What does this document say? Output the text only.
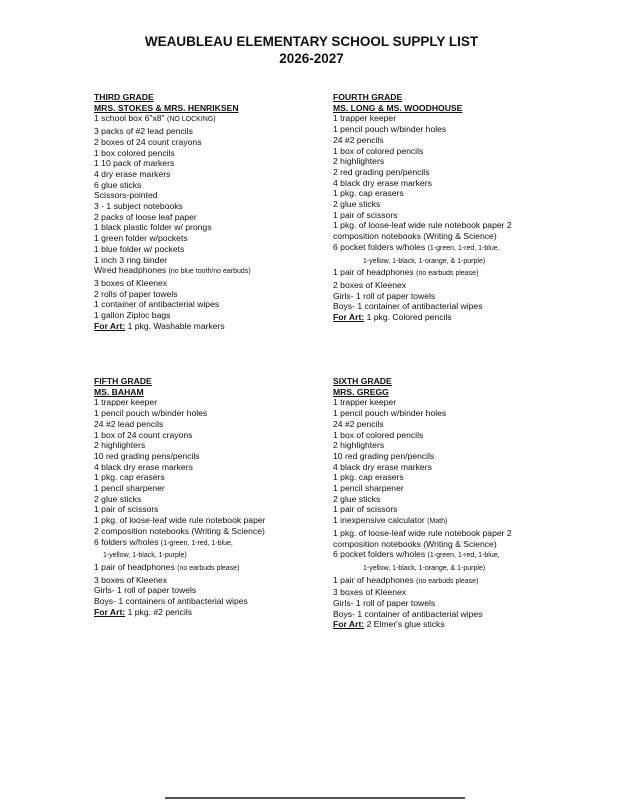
WEAUBLEAU ELEMENTARY SCHOOL SUPPLY LIST
2026-2027
THIRD GRADE
MRS. STOKES & MRS. HENRIKSEN
1 school box 6"x8" (NO LOCKING)
3 packs of #2 lead pencils
2 boxes of 24 count crayons
1 box colored pencils
1 10 pack of markers
4 dry erase markers
6 glue sticks
Scissors-pointed
3 - 1 subject notebooks
2 packs of loose leaf paper
1 black plastic folder w/ prongs
1 green folder w/pockets
1 blue folder w/ pockets
1 inch 3 ring binder
Wired headphones (no blue tooth/no earbuds)
3 boxes of Kleenex
2 rolls of paper towels
1 container of antibacterial wipes
1 gallon Ziploc bags
For Art: 1 pkg. Washable markers
FOURTH GRADE
MS. LONG & MS. WOODHOUSE
1 trapper keeper
1 pencil pouch w/binder holes
24 #2 pencils
1 box of colored pencils
2 highlighters
2 red grading pen/pencils
4 black dry erase markers
1 pkg. cap erasers
2 glue sticks
1 pair of scissors
1 pkg. of loose-leaf wide rule notebook paper 2
composition notebooks (Writing & Science)
6 pocket folders w/holes (1-green, 1-red, 1-blue,
1-yellow, 1-black, 1-orange, & 1-purple)
1 pair of headphones (no earbuds please)
2 boxes of Kleenex
Girls- 1 roll of paper towels
Boys- 1 container of antibacterial wipes
For Art: 1 pkg. Colored pencils
FIFTH GRADE
MS. BAHAM
1 trapper keeper
1 pencil pouch w/binder holes
24 #2 lead pencils
1 box of 24 count crayons
2 highlighters
10 red grading pens/pencils
4 black dry erase markers
1 pkg. cap erasers
1 pencil sharpener
2 glue sticks
1 pair of scissors
1 pkg. of loose-leaf wide rule notebook paper
2 composition notebooks (Writing & Science)
6 folders w/holes (1-green, 1-red, 1-blue,
1-yellow, 1-black, 1-purple)
1 pair of headphones (no earbuds please)
3 boxes of Kleenex
Girls- 1 roll of paper towels
Boys- 1 containers of antibacterial wipes
For Art: 1 pkg. #2 pencils
SIXTH GRADE
MRS. GREGG
1 trapper keeper
1 pencil pouch w/binder holes
24 #2 pencils
1 box of colored pencils
2 highlighters
10 red grading pen/pencils
4 black dry erase markers
1 pkg. cap erasers
1 pencil sharpener
2 glue sticks
1 pair of scissors
1 inexpensive calculator (Math)
1 pkg. of loose-leaf wide rule notebook paper 2
composition notebooks (Writing & Science)
6 pocket folders w/holes (1-green, 1-red, 1-blue,
1-yellow, 1-black, 1-orange, & 1-purple)
1 pair of headphones (no earbuds please)
3 boxes of Kleenex
Girls- 1 roll of paper towels
Boys- 1 container of antibacterial wipes
For Art: 2 Elmer's glue sticks
